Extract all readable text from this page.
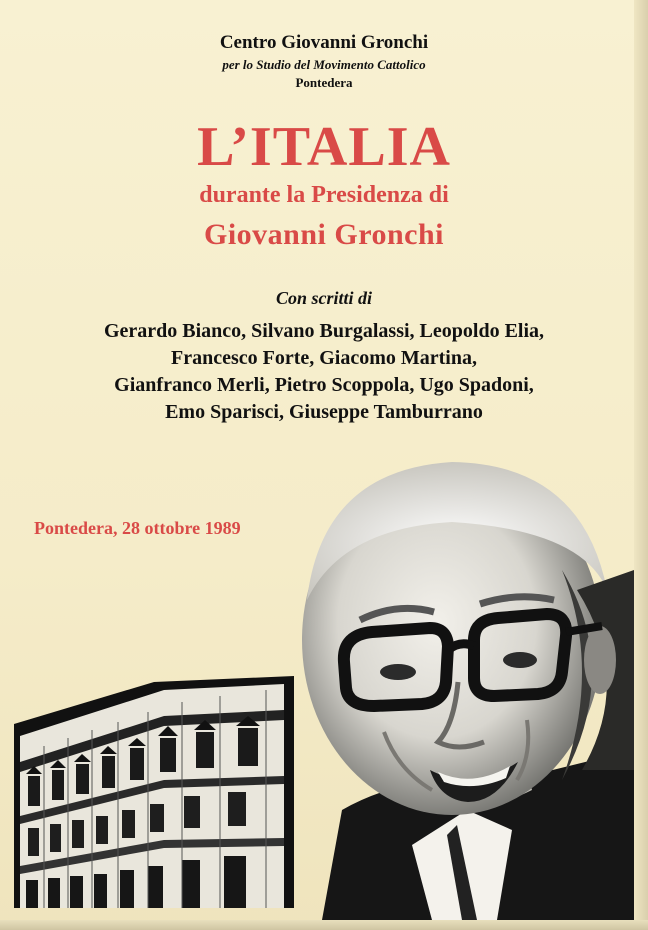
Centro Giovanni Gronchi
per lo Studio del Movimento Cattolico
Pontedera
L’ITALIA
durante la Presidenza di
Giovanni Gronchi
Con scritti di
Gerardo Bianco, Silvano Burgalassi, Leopoldo Elia,
Francesco Forte, Giacomo Martina,
Gianfranco Merli, Pietro Scoppola, Ugo Spadoni,
Emo Sparisci, Giuseppe Tamburrano
Pontedera, 28 ottobre 1989
